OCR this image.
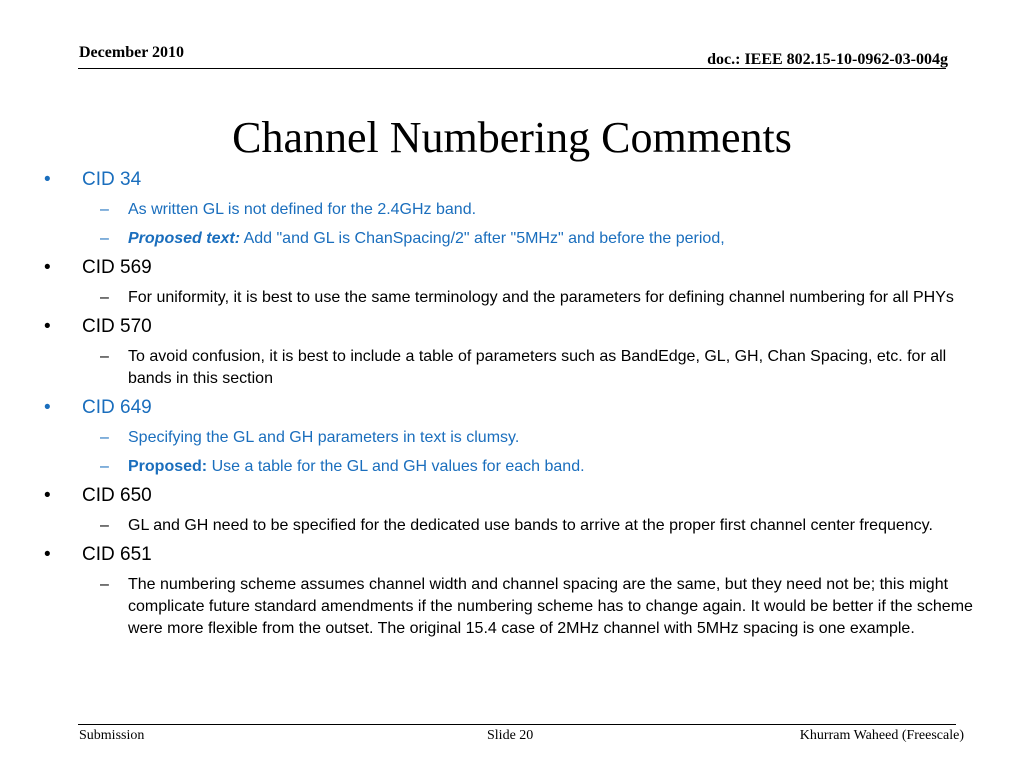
December 2010	doc.: IEEE 802.15-10-0962-03-004g
Channel Numbering Comments
• CID 34
– As written GL is not defined for the 2.4GHz band.
– Proposed text: Add "and GL is ChanSpacing/2" after "5MHz" and before the period,
• CID 569
– For uniformity, it is best to use the same terminology and the parameters for defining channel numbering for all PHYs
• CID 570
– To avoid confusion, it is best to include a table of parameters such as BandEdge, GL, GH, Chan Spacing, etc. for all bands in this section
• CID 649
– Specifying the GL and GH parameters in text is clumsy.
– Proposed: Use a table for the GL and GH values for each band.
• CID 650
– GL and GH need to be specified for the dedicated use bands to arrive at the proper first channel center frequency.
• CID 651
– The numbering scheme assumes channel width and channel spacing are the same, but they need not be; this might complicate future standard amendments if the numbering scheme has to change again. It would be better if the scheme were more flexible from the outset. The original 15.4 case of 2MHz channel with 5MHz spacing is one example.
Submission	Slide 20	Khurram Waheed (Freescale)
